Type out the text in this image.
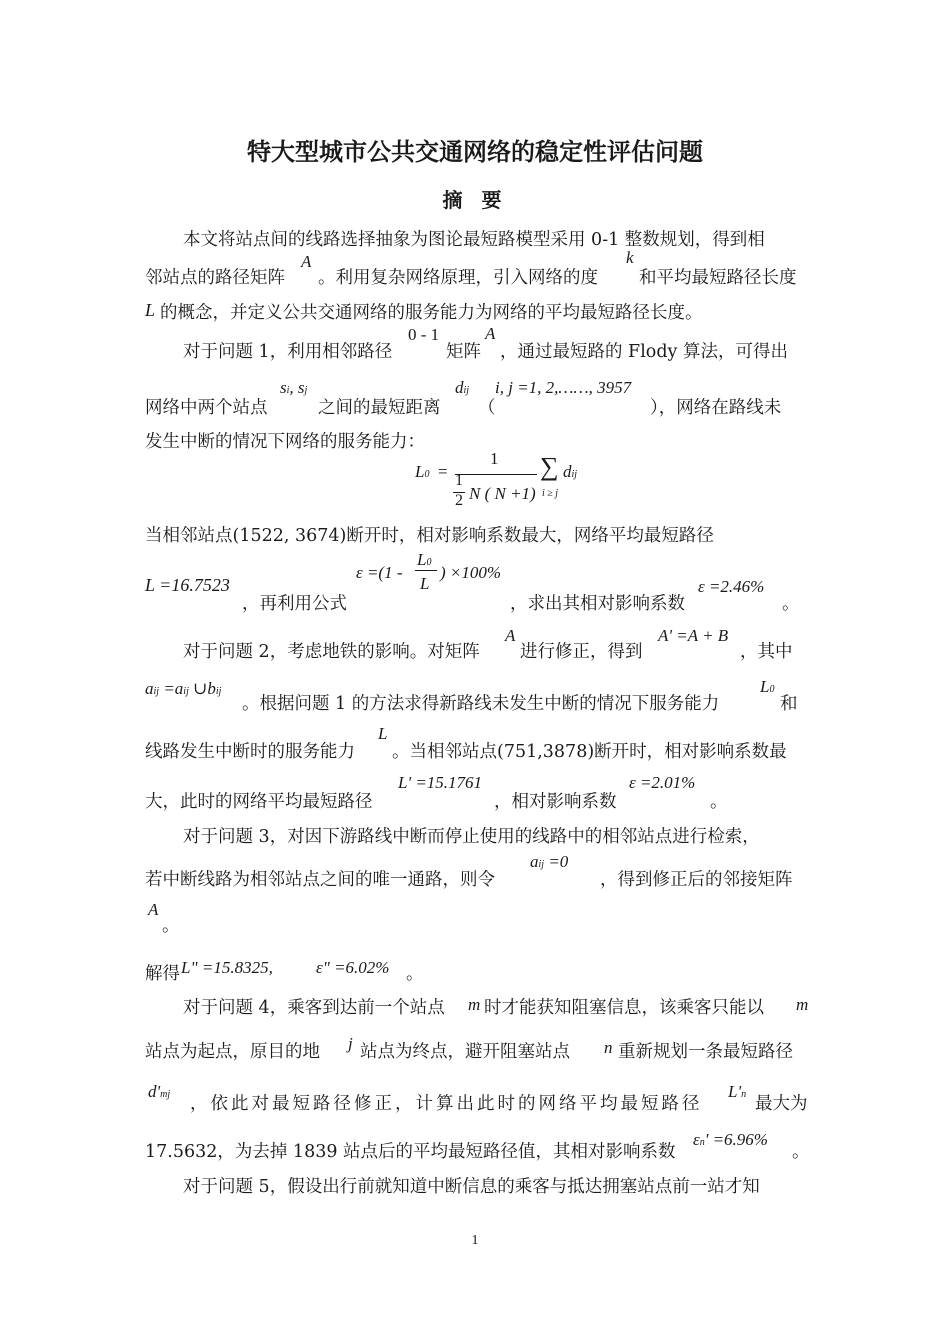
特大型城市公共交通网络的稳定性评估问题
摘 要
本文将站点间的线路选择抽象为图论最短路模型采用 0-1 整数规划，得到相
邻站点的路径矩阵
A
。利用复杂网络原理，引入网络的度
k
和平均最短路径长度
L 的概念，并定义公共交通网络的服务能力为网络的平均最短路径长度。
对于问题 1，利用相邻路径
0 - 1
矩阵
A
，通过最短路的 Flody 算法，可得出
网络中两个站点
si, sj
之间的最短距离
dij
（
i, j =1, 2,……, 3957
），网络在路线未
发生中断的情况下网络的服务能力：
L0 =
1
1
2 N ( N +1)
∑
i ≥ j
dij
当相邻站点(1522, 3674)断开时，相对影响系数最大，网络平均最短路径
L =16.7523
，再利用公式
ε =(1 -
L0
L
) ×100%
，求出其相对影响系数
ε =2.46%
。
对于问题 2，考虑地铁的影响。对矩阵
A
进行修正，得到
A' =A + B
，其中
aij =aij ∪bij
。根据问题 1 的方法求得新路线未发生中断的情况下服务能力
L0
和
线路发生中断时的服务能力
L
。当相邻站点(751,3878)断开时，相对影响系数最
大，此时的网络平均最短路径
L' =15.1761
，相对影响系数
ε =2.01%
。
对于问题 3，对因下游路线中断而停止使用的线路中的相邻站点进行检索，
若中断线路为相邻站点之间的唯一通路，则令
aij =0
，得到修正后的邻接矩阵
A
。
解得 L" =15.8325,	ε" =6.02% 。
对于问题 4，乘客到达前一个站点 m 时才能获知阻塞信息，该乘客只能以 m
站点为起点，原目的地 j 站点为终点，避开阻塞站点 n 重新规划一条最短路径
d'mj ，依此对最短路径修正，计算出此时的网络平均最短路径
L'n 最大为
17.5632，为去掉 1839 站点后的平均最短路径值，其相对影响系数
εn' =6.96%
。
对于问题 5，假设出行前就知道中断信息的乘客与抵达拥塞站点前一站才知
1
